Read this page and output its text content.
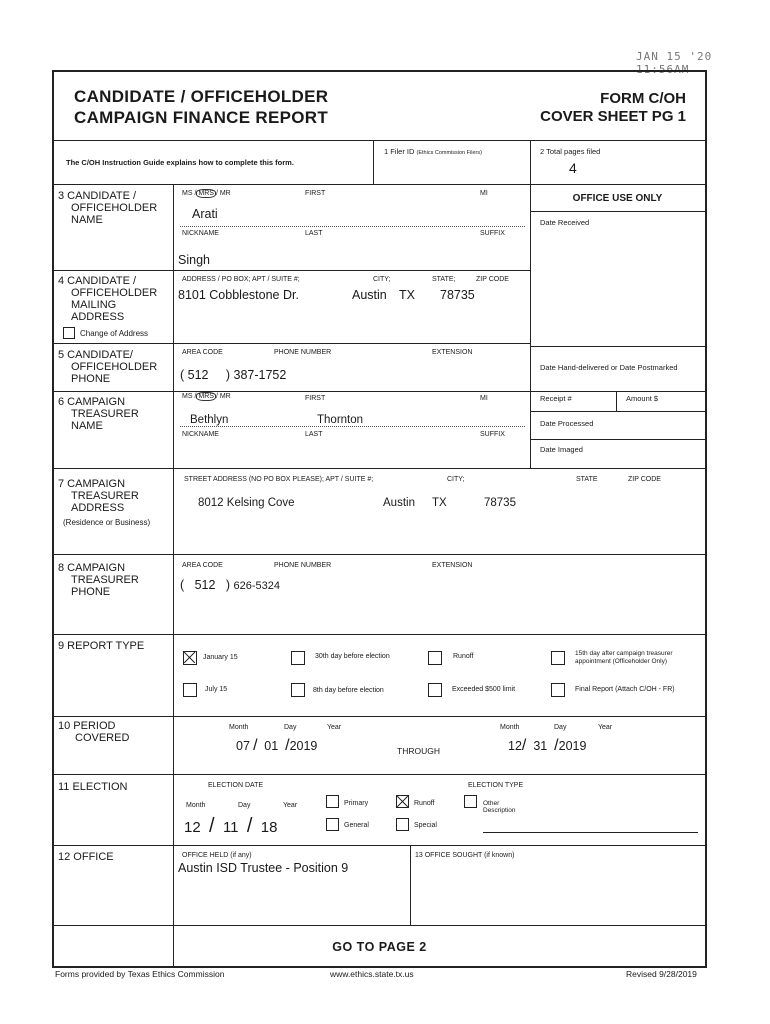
JAN 15 '20 11:56AM
CANDIDATE / OFFICEHOLDER
CAMPAIGN FINANCE REPORT
FORM C/OH
COVER SHEET PG 1
The C/OH Instruction Guide explains how to complete this form.
1 Filer ID (Ethics Commission Filers)	2 Total pages filed
4
OFFICE USE ONLY
Date Received
Date Hand-delivered or Date Postmarked
Receipt #	Amount $
Date Processed
Date Imaged
3 CANDIDATE /
OFFICEHOLDER
NAME
MS / MRS / MR	FIRST	MI
Arati
NICKNAME	LAST	SUFFIX
Singh
4 CANDIDATE /
OFFICEHOLDER
MAILING
ADDRESS
Change of Address
ADDRESS / PO BOX; APT / SUITE #;	CITY;	STATE;	ZIP CODE
8101 Cobblestone Dr.	Austin TX 78735
5 CANDIDATE/
OFFICEHOLDER
PHONE
AREA CODE	PHONE NUMBER	EXTENSION
( 512     ) 387-1752
6 CAMPAIGN
TREASURER
NAME
MS / MRS / MR	FIRST	MI
Bethlyn	Thornton
NICKNAME	LAST	SUFFIX
7 CAMPAIGN
TREASURER
ADDRESS
(Residence or Business)
STREET ADDRESS (NO PO BOX PLEASE); APT / SUITE #;	CITY;	STATE	ZIP CODE
8012 Kelsing Cove	Austin TX	78735
8 CAMPAIGN
TREASURER
PHONE
AREA CODE	PHONE NUMBER	EXTENSION
(   512   ) 626-5324
9 REPORT TYPE
January 15	30th day before election	Runoff	15th day after campaign treasurer appointment (Officeholder Only)
July 15	8th day before election	Exceeded $500 limit	Final Report (Attach C/OH - FR)
10 PERIOD
COVERED
Month	Day	Year
07 /  01 /2019	THROUGH
Month	Day	Year
12/ 31 /2019
11 ELECTION	ELECTION DATE
Month	Day	Year
12 / 11 / 18
ELECTION TYPE
Primary	Runoff	Other Description
General	Special
12 OFFICE	OFFICE HELD (if any)
Austin ISD Trustee - Position 9
13 OFFICE SOUGHT (if known)
GO TO PAGE 2
Forms provided by Texas Ethics Commission	www.ethics.state.tx.us	Revised 9/28/2019
